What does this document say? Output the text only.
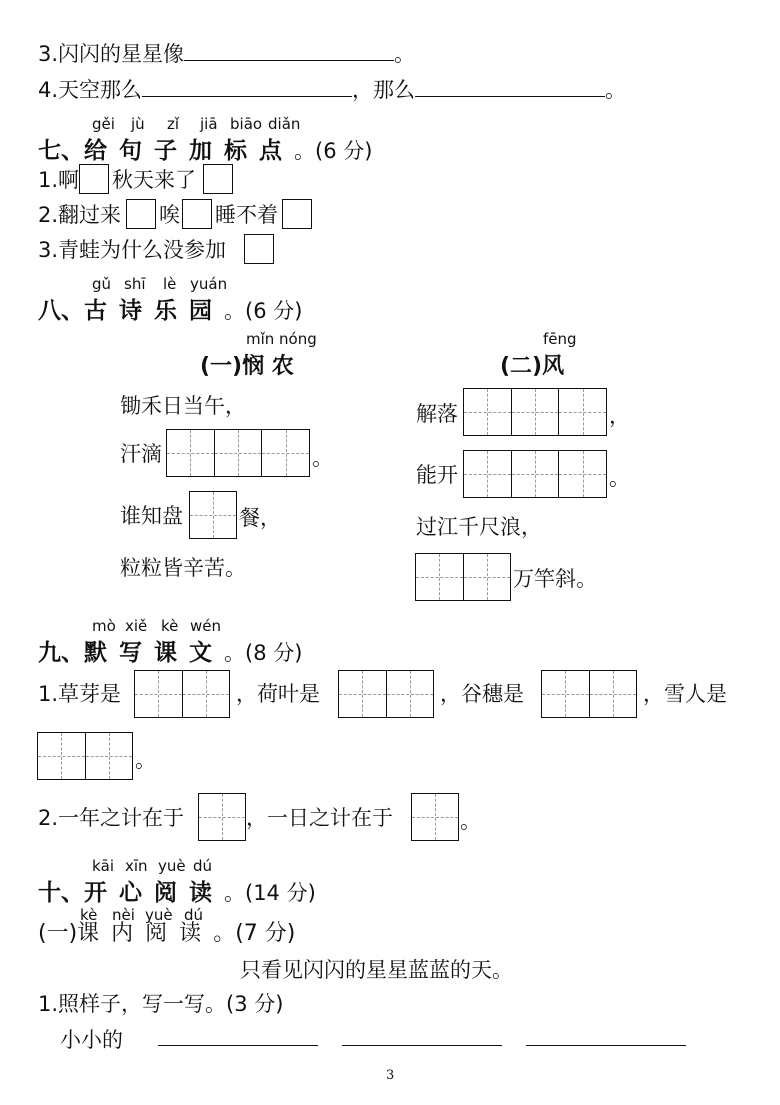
3.闪闪的星星像	。
4.天空那么	，那么	。
gěi jù zǐ jiā biāo diǎn
七、给句子加标点。(6 分)
1.啊 秋天来了
2.翻过来 唉 睡不着
3.青蛙为什么没参加
gǔ shī lè yuán
八、古诗乐园。(6 分)
mǐn nóng
(一)悯 农
锄禾日当午，
汗滴	。
谁知盘	餐，
粒粒皆辛苦。
fēng
(二)风
解落	，
能开	。
过江千尺浪，
万竿斜。
mò xiě kè wén
九、默写课文。(8 分)
1.草芽是	，荷叶是	，谷穗是	，雪人是
。
2.一年之计在于	，一日之计在于	。
kāi xīn yuè dú
十、开心阅读。(14 分)
kè nèi yuè dú
(一)课内阅读。(7 分)
只看见闪闪的星星蓝蓝的天。
1.照样子，写一写。(3 分)
小小的
3
